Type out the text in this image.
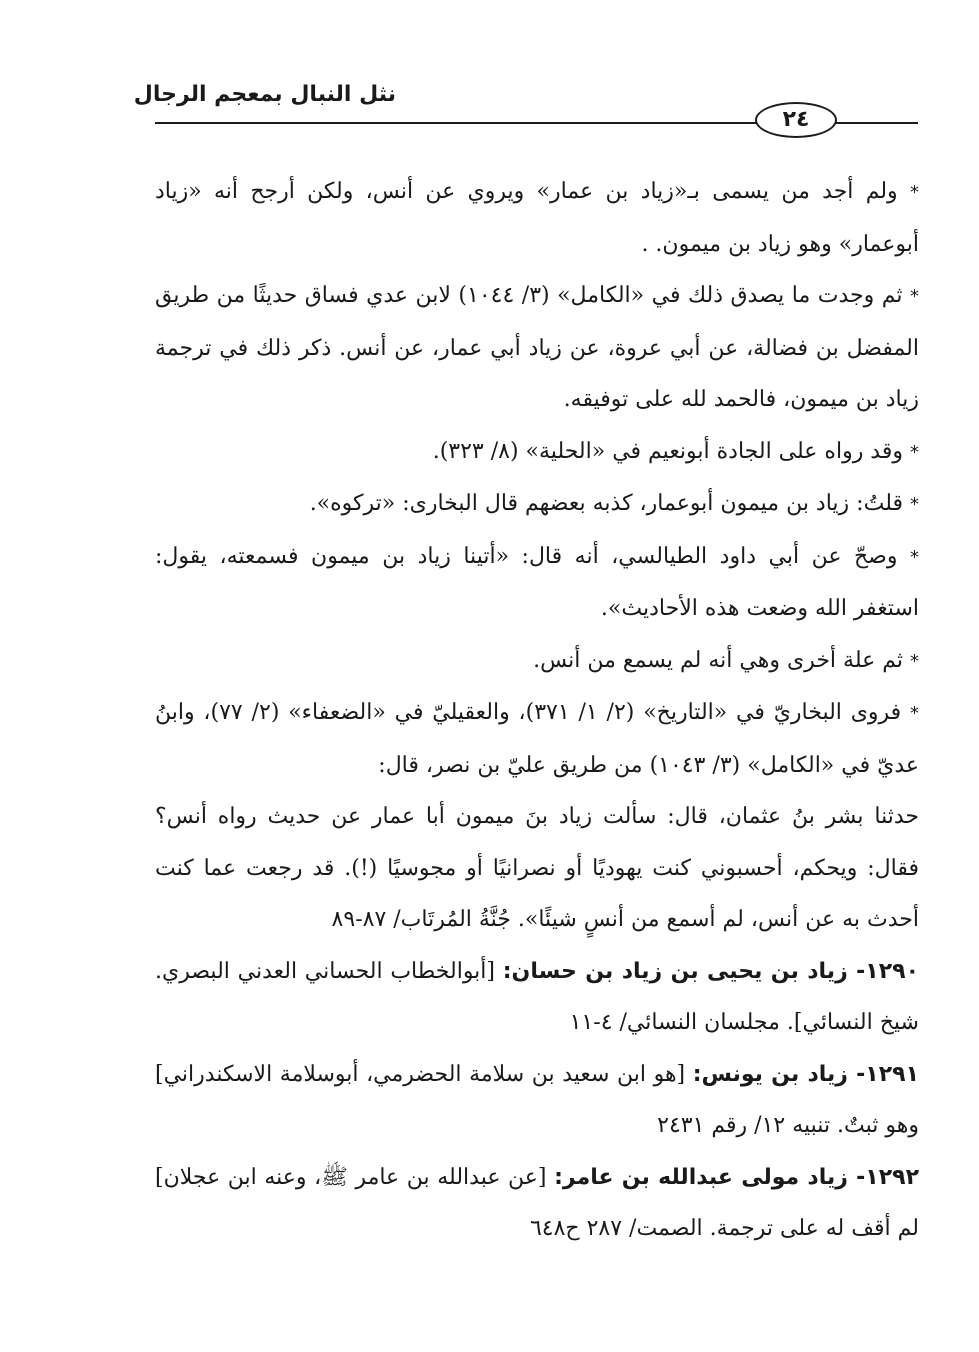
نثل النبال بمعجم الرجال
٢٤

* ولم أجد من يسمى بـ«زياد بن عمار» ويروي عن أنس، ولكن أرجح أنه «زياد أبوعمار» وهو زياد بن ميمون. .

* ثم وجدت ما يصدق ذلك في «الكامل» (٣/ ١٠٤٤) لابن عدي فساق حديثًا من طريق المفضل بن فضالة، عن أبي عروة، عن زياد أبي عمار، عن أنس. ذكر ذلك في ترجمة زياد بن ميمون، فالحمد لله على توفيقه.

* وقد رواه على الجادة أبونعيم في «الحلية» (٨/ ٣٢٣).

* قلتُ: زياد بن ميمون أبوعمار، كذبه بعضهم قال البخارى: «تركوه».

* وصحّ عن أبي داود الطيالسي، أنه قال: «أتينا زياد بن ميمون فسمعته، يقول: استغفر الله وضعت هذه الأحاديث».

* ثم علة أخرى وهي أنه لم يسمع من أنس.

* فروى البخاريّ في «التاريخ» (٢/ ١/ ٣٧١)، والعقيليّ في «الضعفاء» (٢/ ٧٧)، وابنُ عديّ في «الكامل» (٣/ ١٠٤٣) من طريق عليّ بن نصر، قال:

حدثنا بشر بنُ عثمان، قال: سألت زياد بنَ ميمون أبا عمار عن حديث رواه أنس؟ فقال: ويحكم، أحسبوني كنت يهوديًا أو نصرانيًا أو مجوسيًا (!). قد رجعت عما كنت أحدث به عن أنس، لم أسمع من أنسٍ شيئًا». جُنَّةُ المُرتَاب/ ٨٧-٨٩

١٢٩٠- زياد بن يحيى بن زياد بن حسان: [أبوالخطاب الحساني العدني البصري. شيخ النسائي]. مجلسان النسائي/ ٤-١١

١٢٩١- زياد بن يونس: [هو ابن سعيد بن سلامة الحضرمي، أبوسلامة الاسكندراني] وهو ثبتٌ. تنبيه ١٢/ رقم ٢٤٣١

١٢٩٢- زياد مولى عبدالله بن عامر: [عن عبدالله بن عامر ﷺ، وعنه ابن عجلان] لم أقف له على ترجمة. الصمت/ ٢٨٧ ح٦٤٨
